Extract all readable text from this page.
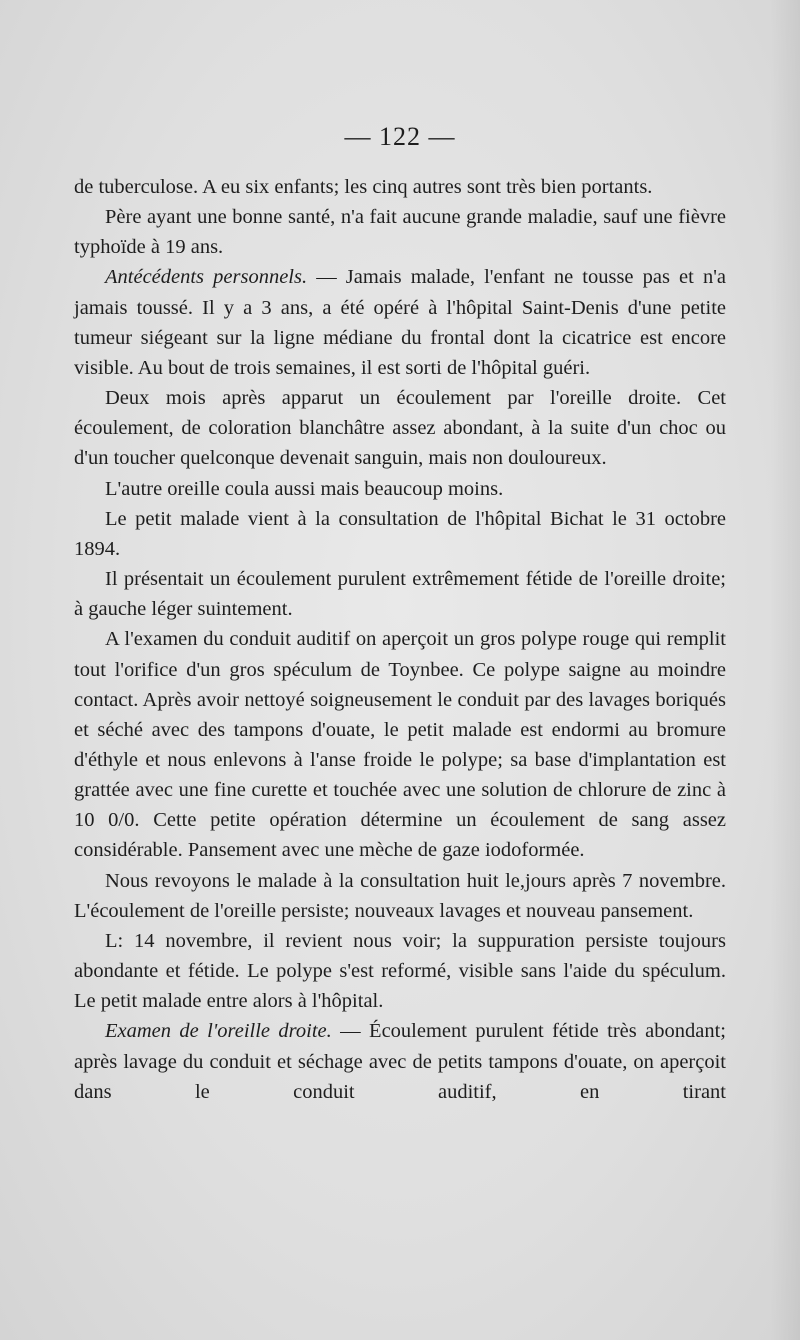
— 122 —

de tuberculose. A eu six enfants; les cinq autres sont très bien portants.

Père ayant une bonne santé, n'a fait aucune grande maladie, sauf une fièvre typhoïde à 19 ans.

Antécédents personnels. — Jamais malade, l'enfant ne tousse pas et n'a jamais toussé. Il y a 3 ans, a été opéré à l'hôpital Saint-Denis d'une petite tumeur siégeant sur la ligne médiane du frontal dont la cicatrice est encore visible. Au bout de trois semaines, il est sorti de l'hôpital guéri.

Deux mois après apparut un écoulement par l'oreille droite. Cet écoulement, de coloration blanchâtre assez abondant, à la suite d'un choc ou d'un toucher quelconque devenait sanguin, mais non douloureux.

L'autre oreille coula aussi mais beaucoup moins.

Le petit malade vient à la consultation de l'hôpital Bichat le 31 octobre 1894.

Il présentait un écoulement purulent extrêmement fétide de l'oreille droite; à gauche léger suintement.

A l'examen du conduit auditif on aperçoit un gros polype rouge qui remplit tout l'orifice d'un gros spéculum de Toynbee. Ce polype saigne au moindre contact. Après avoir nettoyé soigneusement le conduit par des lavages boriqués et séché avec des tampons d'ouate, le petit malade est endormi au bromure d'éthyle et nous enlevons à l'anse froide le polype; sa base d'implantation est grattée avec une fine curette et touchée avec une solution de chlorure de zinc à 10 0/0. Cette petite opération détermine un écoulement de sang assez considérable. Pansement avec une mèche de gaze iodoformée.

Nous revoyons le malade à la consultation huit le,jours après 7 novembre. L'écoulement de l'oreille persiste; nouveaux lavages et nouveau pansement.

L: 14 novembre, il revient nous voir; la suppuration persiste toujours abondante et fétide. Le polype s'est reformé, visible sans l'aide du spéculum. Le petit malade entre alors à l'hôpital.

Examen de l'oreille droite. — Écoulement purulent fétide très abondant; après lavage du conduit et séchage avec de petits tampons d'ouate, on aperçoit dans le conduit auditif, en tirant
